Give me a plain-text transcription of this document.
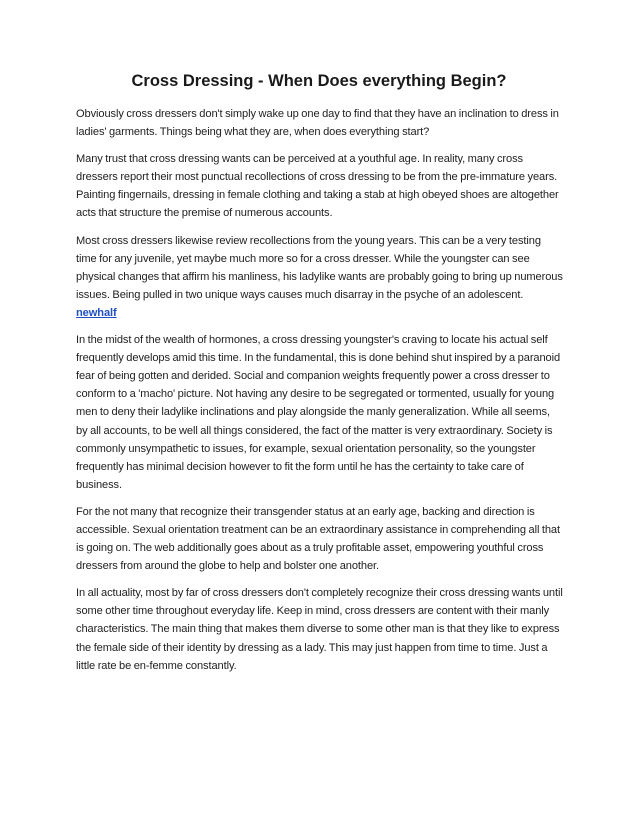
Cross Dressing - When Does everything Begin?

Obviously cross dressers don't simply wake up one day to find that they have an inclination to dress in ladies' garments. Things being what they are, when does everything start?

Many trust that cross dressing wants can be perceived at a youthful age. In reality, many cross dressers report their most punctual recollections of cross dressing to be from the pre-immature years. Painting fingernails, dressing in female clothing and taking a stab at high obeyed shoes are altogether acts that structure the premise of numerous accounts.

Most cross dressers likewise review recollections from the young years. This can be a very testing time for any juvenile, yet maybe much more so for a cross dresser. While the youngster can see physical changes that affirm his manliness, his ladylike wants are probably going to bring up numerous issues. Being pulled in two unique ways causes much disarray in the psyche of an adolescent. newhalf

In the midst of the wealth of hormones, a cross dressing youngster's craving to locate his actual self frequently develops amid this time. In the fundamental, this is done behind shut inspired by a paranoid fear of being gotten and derided. Social and companion weights frequently power a cross dresser to conform to a 'macho' picture. Not having any desire to be segregated or tormented, usually for young men to deny their ladylike inclinations and play alongside the manly generalization. While all seems, by all accounts, to be well all things considered, the fact of the matter is very extraordinary. Society is commonly unsympathetic to issues, for example, sexual orientation personality, so the youngster frequently has minimal decision however to fit the form until he has the certainty to take care of business.

For the not many that recognize their transgender status at an early age, backing and direction is accessible. Sexual orientation treatment can be an extraordinary assistance in comprehending all that is going on. The web additionally goes about as a truly profitable asset, empowering youthful cross dressers from around the globe to help and bolster one another.

In all actuality, most by far of cross dressers don't completely recognize their cross dressing wants until some other time throughout everyday life. Keep in mind, cross dressers are content with their manly characteristics. The main thing that makes them diverse to some other man is that they like to express the female side of their identity by dressing as a lady. This may just happen from time to time. Just a little rate be en-femme constantly.
